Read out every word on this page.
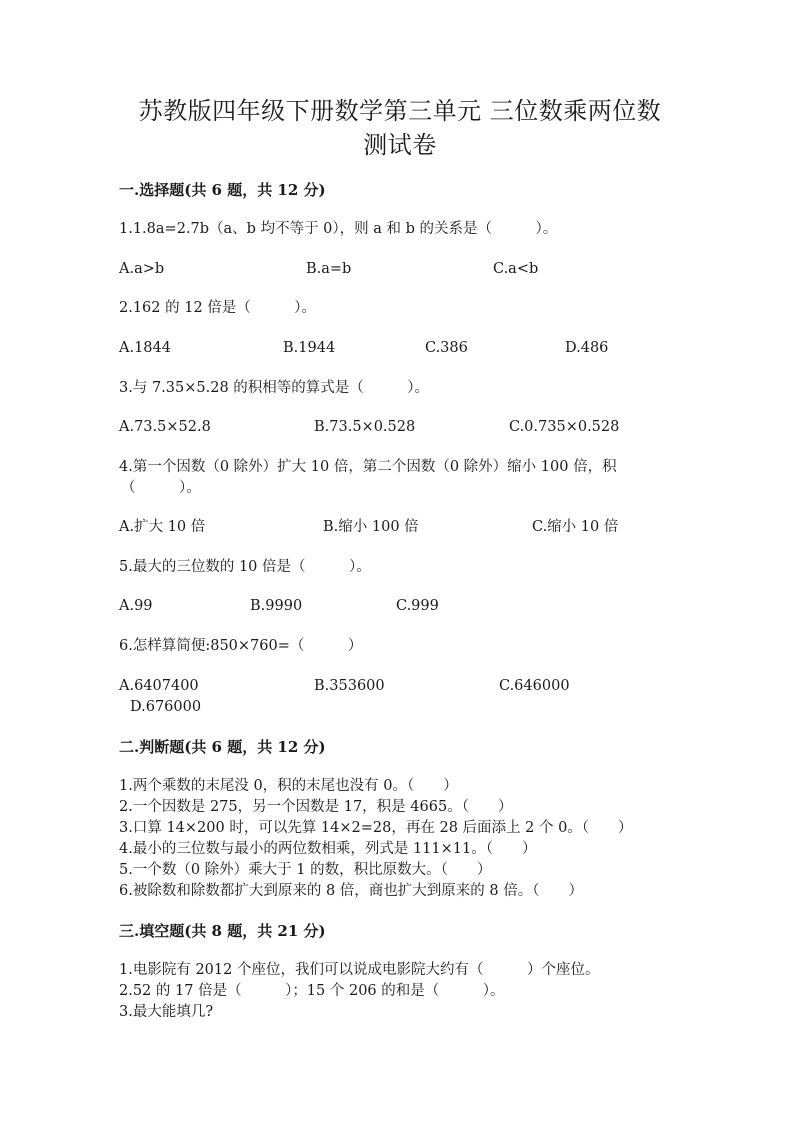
苏教版四年级下册数学第三单元 三位数乘两位数
测试卷
一.选择题(共 6 题，共 12 分)
1.1.8a=2.7b（a、b 均不等于 0），则 a 和 b 的关系是（　　　）。
A.a>b	B.a=b	C.a<b
2.162 的 12 倍是（　　　）。
A.1844	B.1944	C.386	D.486
3.与 7.35×5.28 的积相等的算式是（　　　）。
A.73.5×52.8	B.73.5×0.528	C.0.735×0.528
4.第一个因数（0 除外）扩大 10 倍，第二个因数（0 除外）缩小 100 倍，积
（　　　）。
A.扩大 10 倍	B.缩小 100 倍	C.缩小 10 倍
5.最大的三位数的 10 倍是（　　　）。
A.99	B.9990	C.999
6.怎样算简便:850×760=（　　　）
A.6407400	B.353600	C.646000
D.676000
二.判断题(共 6 题，共 12 分)
1.两个乘数的末尾没 0，积的末尾也没有 0。（　　）
2.一个因数是 275，另一个因数是 17，积是 4665。（　　）
3.口算 14×200 时，可以先算 14×2=28，再在 28 后面添上 2 个 0。（　　）
4.最小的三位数与最小的两位数相乘，列式是 111×11。（　　）
5.一个数（0 除外）乘大于 1 的数，积比原数大。（　　）
6.被除数和除数都扩大到原来的 8 倍，商也扩大到原来的 8 倍。（　　）
三.填空题(共 8 题，共 21 分)
1.电影院有 2012 个座位，我们可以说成电影院大约有（　　　）个座位。
2.52 的 17 倍是（　　　）；15 个 206 的和是（　　　）。
3.最大能填几?
